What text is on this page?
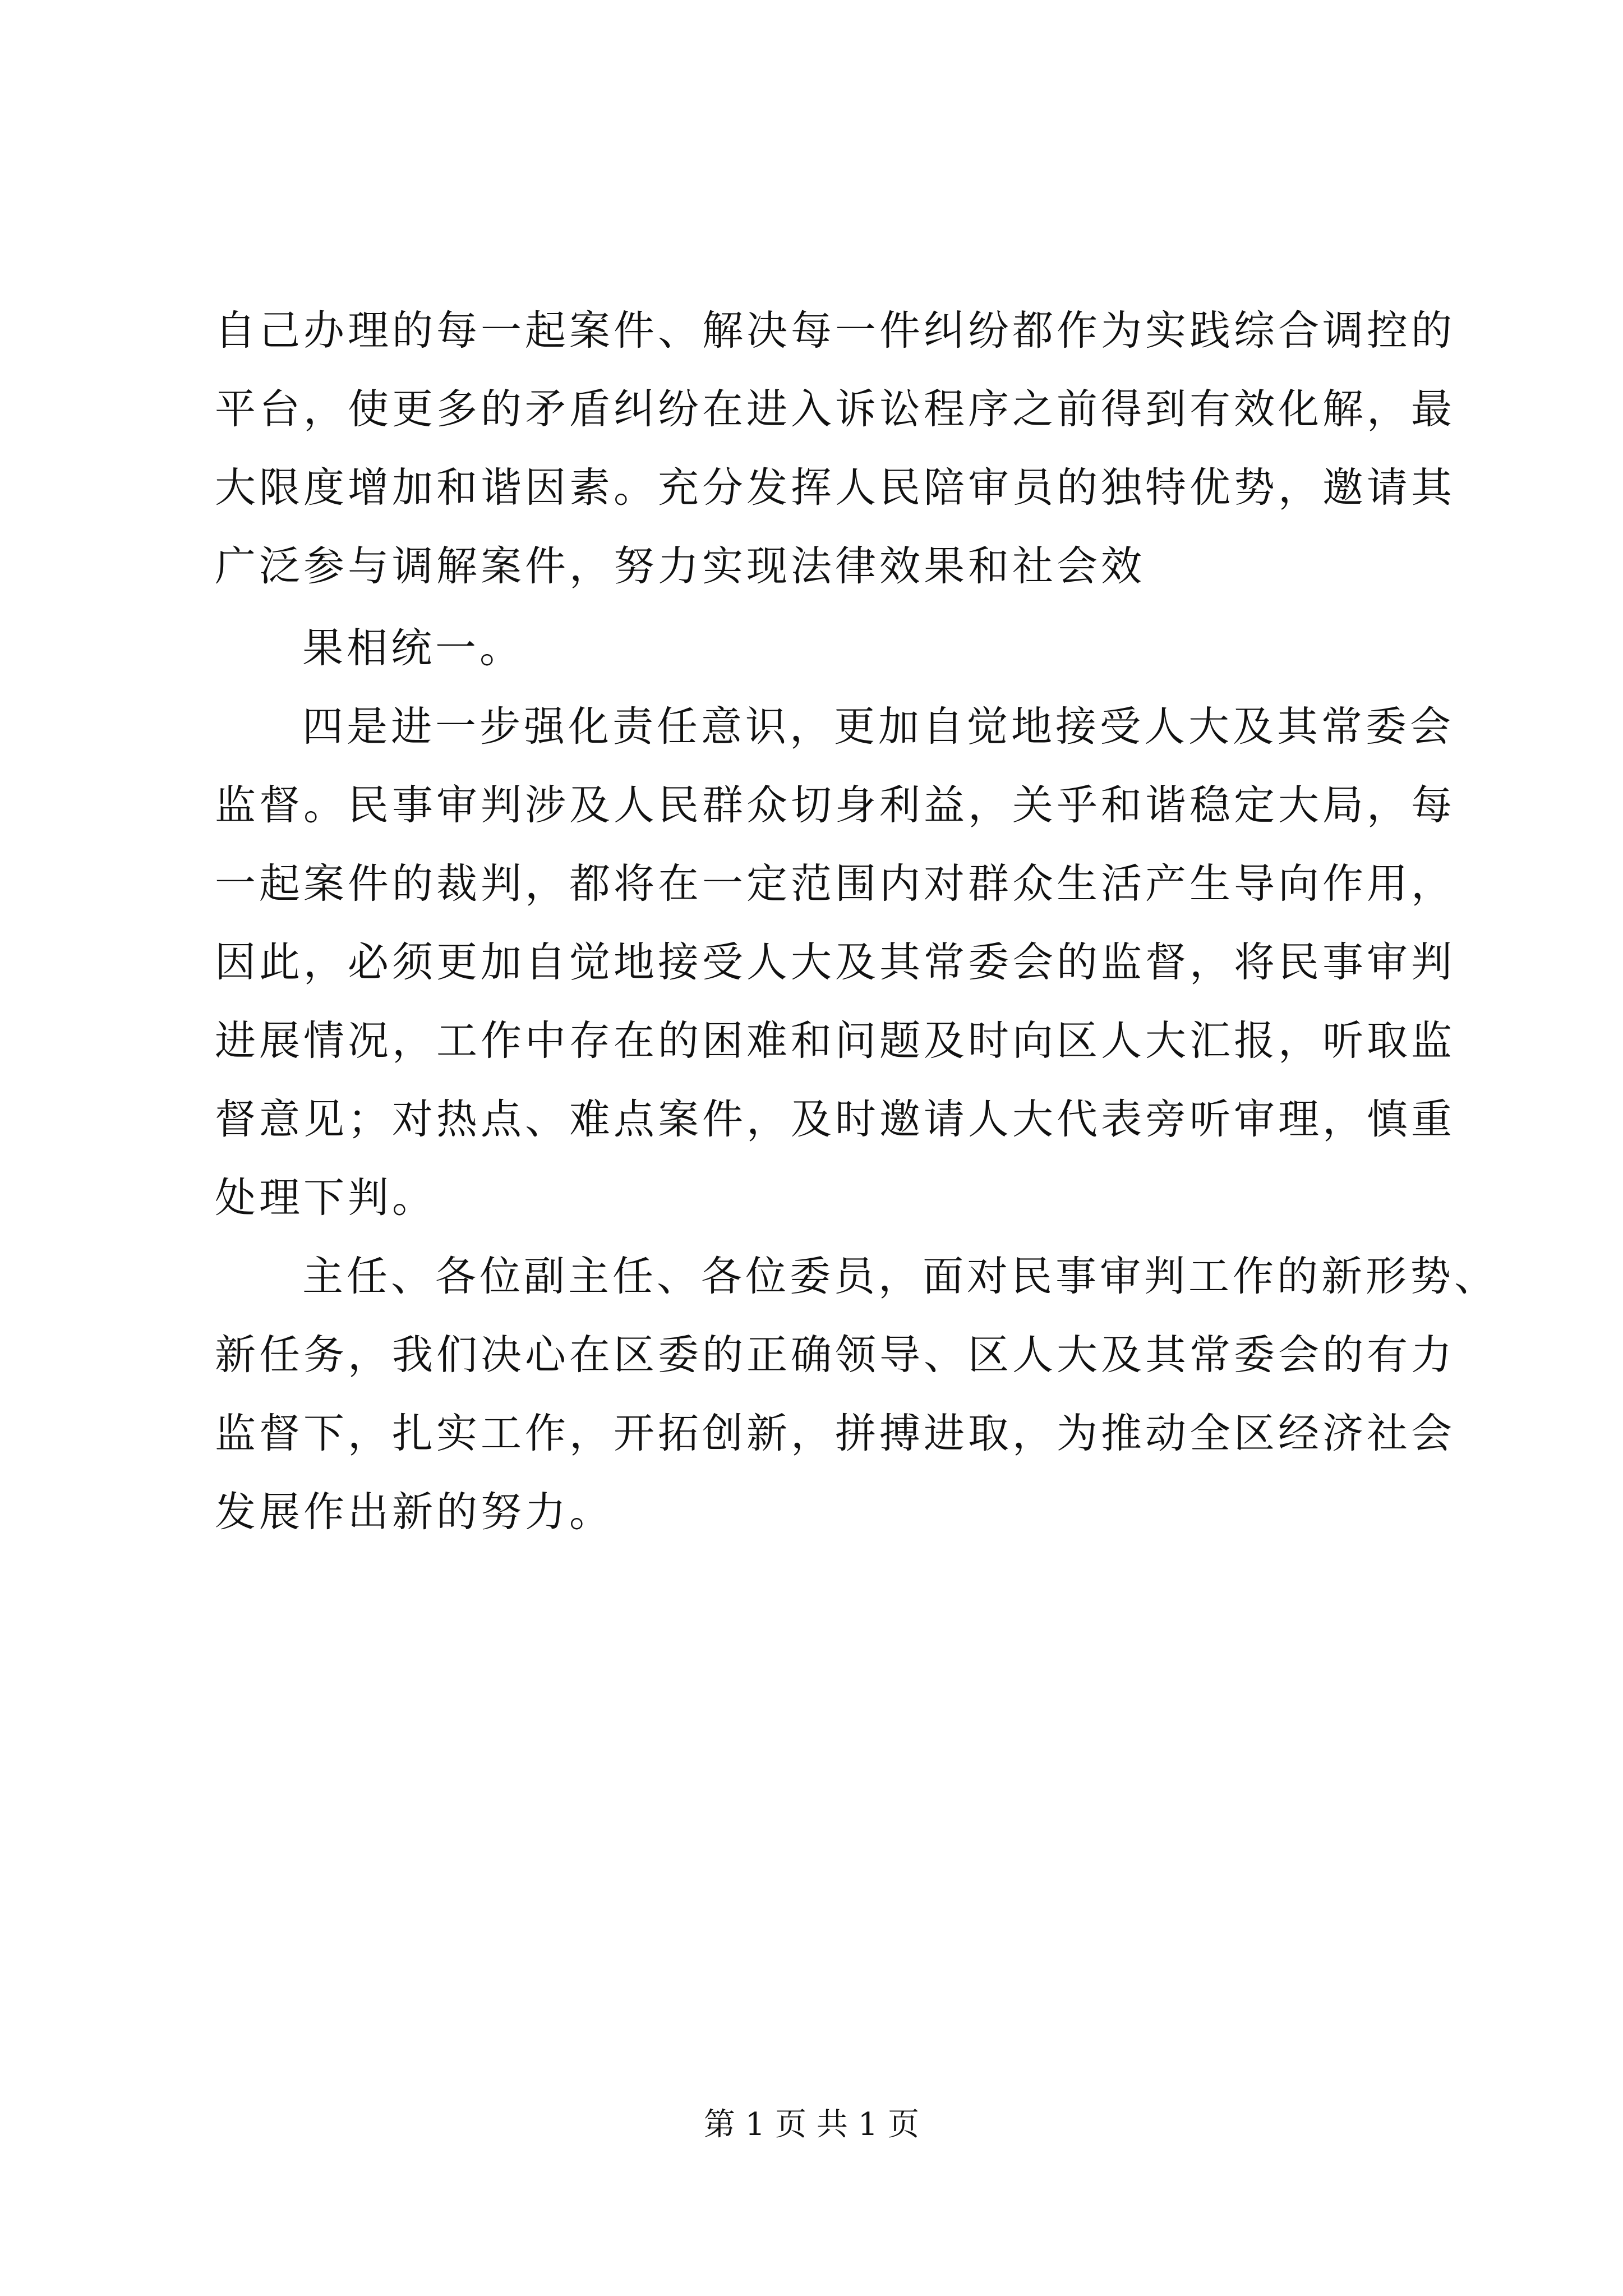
自己办理的每一起案件、解决每一件纠纷都作为实践综合调控的
平台，使更多的矛盾纠纷在进入诉讼程序之前得到有效化解，最
大限度增加和谐因素。充分发挥人民陪审员的独特优势，邀请其
广泛参与调解案件，努力实现法律效果和社会效
果相统一。
四是进一步强化责任意识，更加自觉地接受人大及其常委会
监督。民事审判涉及人民群众切身利益，关乎和谐稳定大局，每
一起案件的裁判，都将在一定范围内对群众生活产生导向作用，
因此，必须更加自觉地接受人大及其常委会的监督，将民事审判
进展情况，工作中存在的困难和问题及时向区人大汇报，听取监
督意见；对热点、难点案件，及时邀请人大代表旁听审理，慎重
处理下判。
主任、各位副主任、各位委员，面对民事审判工作的新形势、
新任务，我们决心在区委的正确领导、区人大及其常委会的有力
监督下，扎实工作，开拓创新，拼搏进取，为推动全区经济社会
发展作出新的努力。
第 1 页 共 1 页
